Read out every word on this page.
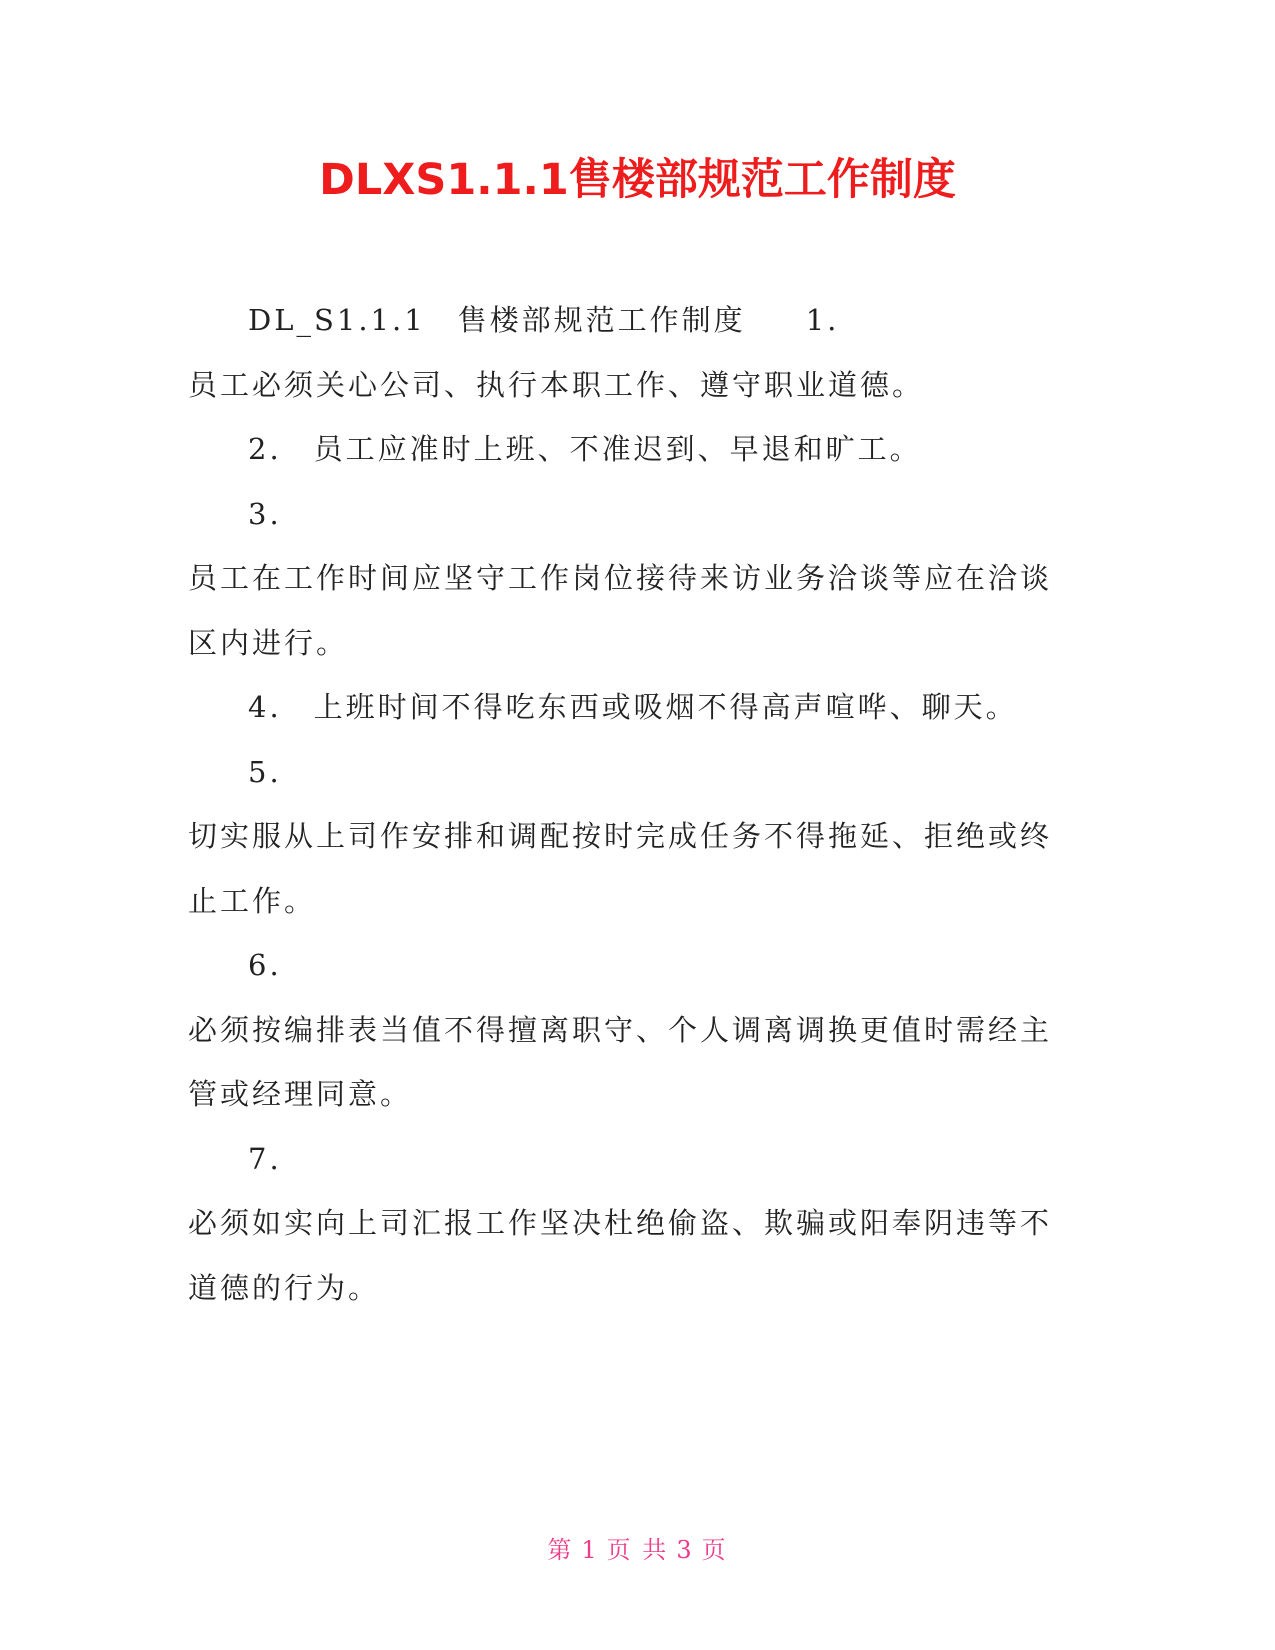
DLXS1.1.1售楼部规范工作制度
DL_S1.1.1 售楼部规范工作制度 1.
员工必须关心公司、执行本职工作、遵守职业道德。
2. 员工应准时上班、不准迟到、早退和旷工。
3.
员工在工作时间应坚守工作岗位接待来访业务洽谈等应在洽谈
区内进行。
4. 上班时间不得吃东西或吸烟不得高声喧哗、聊天。
5.
切实服从上司作安排和调配按时完成任务不得拖延、拒绝或终
止工作。
6.
必须按编排表当值不得擅离职守、个人调离调换更值时需经主
管或经理同意。
7.
必须如实向上司汇报工作坚决杜绝偷盗、欺骗或阳奉阴违等不
道德的行为。
第 1 页 共 3 页
